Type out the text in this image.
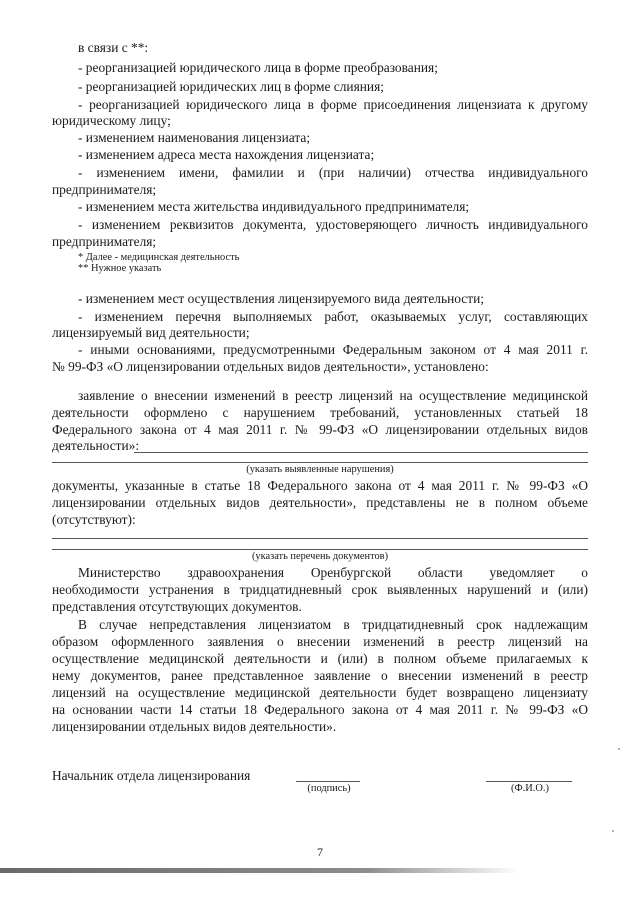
в связи с **:
- реорганизацией юридического лица в форме преобразования;
- реорганизацией юридических лиц в форме слияния;
- реорганизацией юридического лица в форме присоединения лицензиата к другому
юридическому лицу;
- изменением наименования лицензиата;
- изменением адреса места нахождения лицензиата;
- изменением имени, фамилии и (при наличии) отчества индивидуального
предпринимателя;
- изменением места жительства индивидуального предпринимателя;
- изменением реквизитов документа, удостоверяющего личность индивидуального
предпринимателя;
* Далее - медицинская деятельность
** Нужное указать
- изменением мест осуществления лицензируемого вида деятельности;
- изменением перечня выполняемых работ, оказываемых услуг, составляющих
лицензируемый вид деятельности;
- иными основаниями, предусмотренными Федеральным законом от 4 мая 2011 г.
№ 99-ФЗ «О лицензировании отдельных видов деятельности», установлено:
заявление о внесении изменений в реестр лицензий на осуществление медицинской
деятельности оформлено с нарушением требований, установленных статьей 18
Федерального закона от 4 мая 2011 г. № 99-ФЗ «О лицензировании отдельных видов
деятельности»:
(указать выявленные нарушения)
документы, указанные в статье 18 Федерального закона от 4 мая 2011 г. № 99-ФЗ «О
лицензировании отдельных видов деятельности», представлены не в полном объеме
(отсутствуют):
(указать перечень документов)
Министерство здравоохранения Оренбургской области уведомляет о
необходимости устранения в тридцатидневный срок выявленных нарушений и (или)
представления отсутствующих документов.
В случае непредставления лицензиатом в тридцатидневный срок надлежащим
образом оформленного заявления о внесении изменений в реестр лицензий на
осуществление медицинской деятельности и (или) в полном объеме прилагаемых к
нему документов, ранее представленное заявление о внесении изменений в реестр
лицензий на осуществление медицинской деятельности будет возвращено лицензиату
на основании части 14 статьи 18 Федерального закона от 4 мая 2011 г. № 99-ФЗ «О
лицензировании отдельных видов деятельности».
Начальник отдела лицензирования
(подпись)	(Ф.И.О.)
7
